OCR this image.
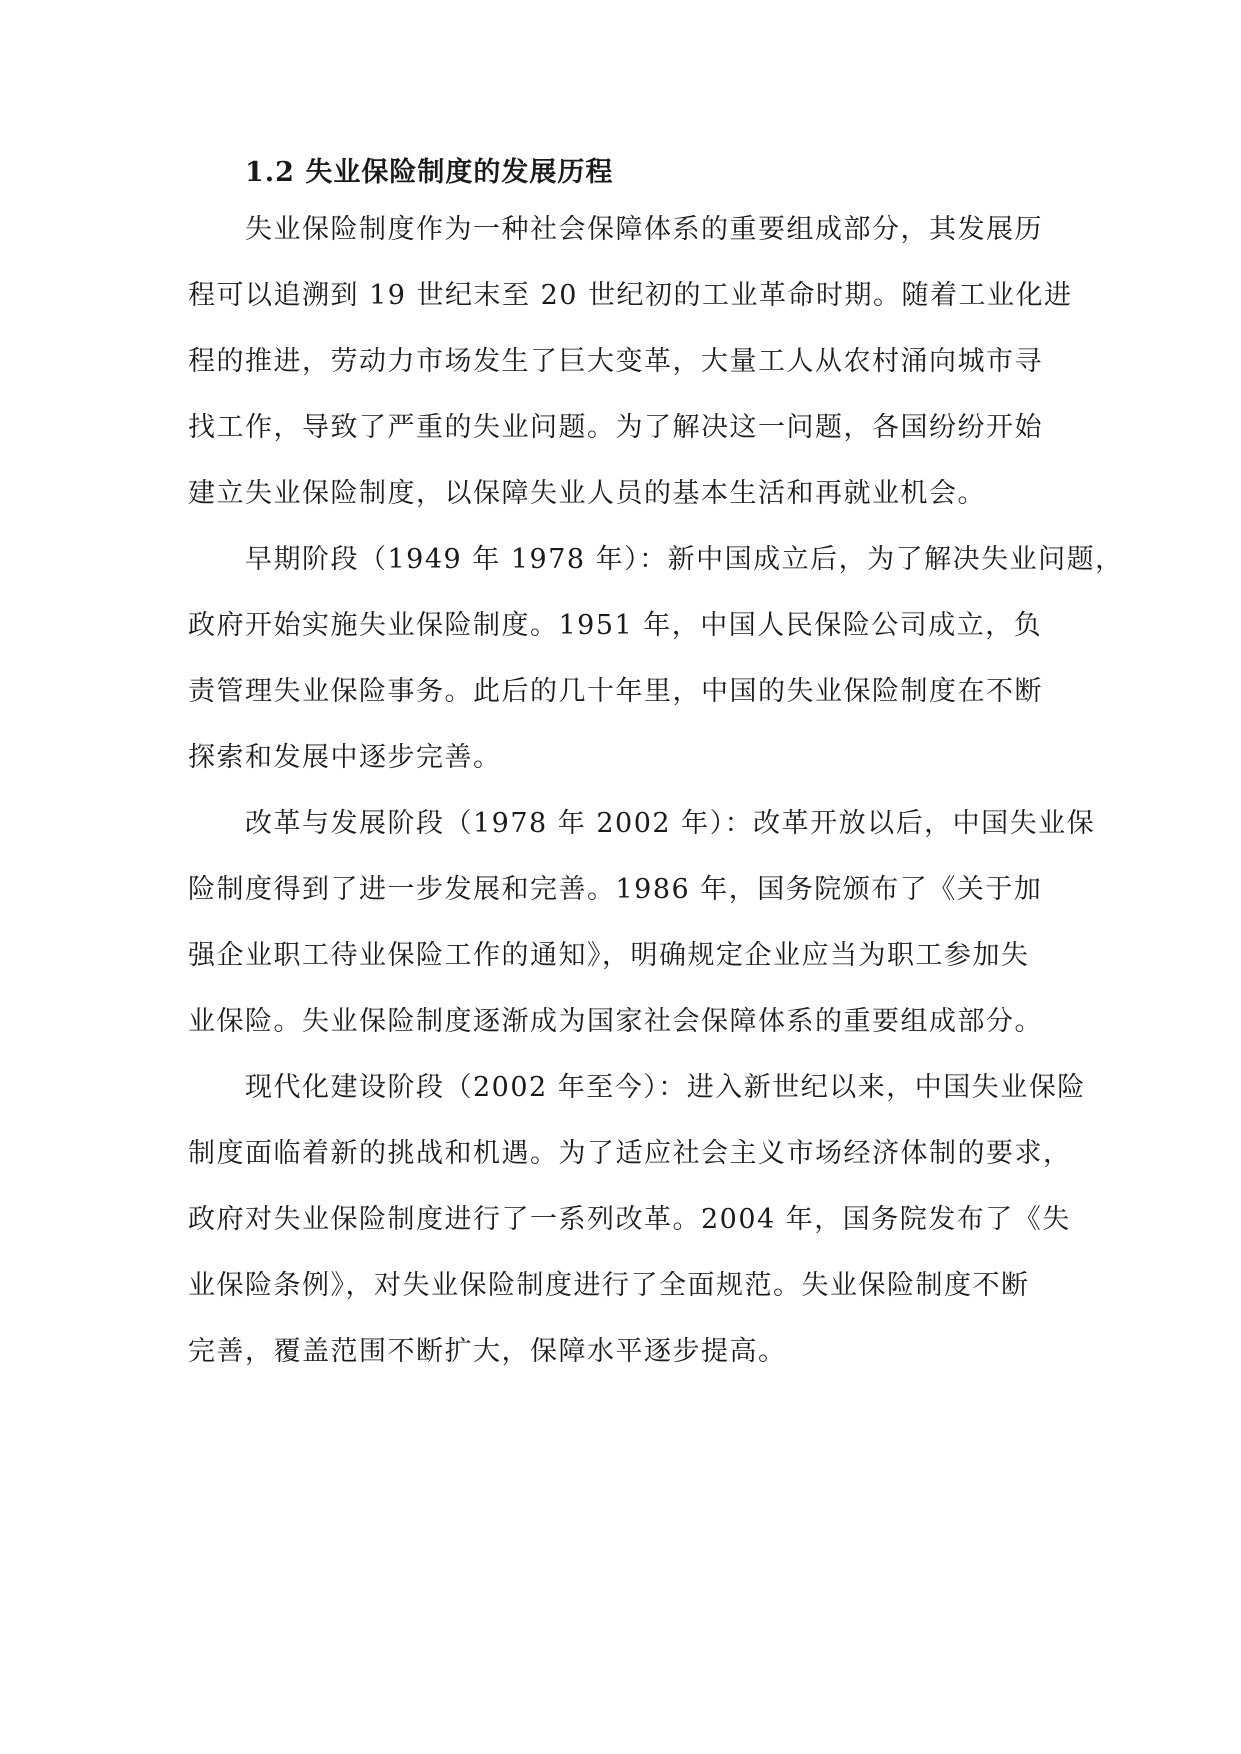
1.2 失业保险制度的发展历程
失业保险制度作为一种社会保障体系的重要组成部分，其发展历
程可以追溯到 19 世纪末至 20 世纪初的工业革命时期。随着工业化进
程的推进，劳动力市场发生了巨大变革，大量工人从农村涌向城市寻
找工作，导致了严重的失业问题。为了解决这一问题，各国纷纷开始
建立失业保险制度，以保障失业人员的基本生活和再就业机会。
早期阶段（1949 年 1978 年）：新中国成立后，为了解决失业问题，
政府开始实施失业保险制度。1951 年，中国人民保险公司成立，负
责管理失业保险事务。此后的几十年里，中国的失业保险制度在不断
探索和发展中逐步完善。
改革与发展阶段（1978 年 2002 年）：改革开放以后，中国失业保
险制度得到了进一步发展和完善。1986 年，国务院颁布了《关于加
强企业职工待业保险工作的通知》，明确规定企业应当为职工参加失
业保险。失业保险制度逐渐成为国家社会保障体系的重要组成部分。
现代化建设阶段（2002 年至今）：进入新世纪以来，中国失业保险
制度面临着新的挑战和机遇。为了适应社会主义市场经济体制的要求，
政府对失业保险制度进行了一系列改革。2004 年，国务院发布了《失
业保险条例》，对失业保险制度进行了全面规范。失业保险制度不断
完善，覆盖范围不断扩大，保障水平逐步提高。
